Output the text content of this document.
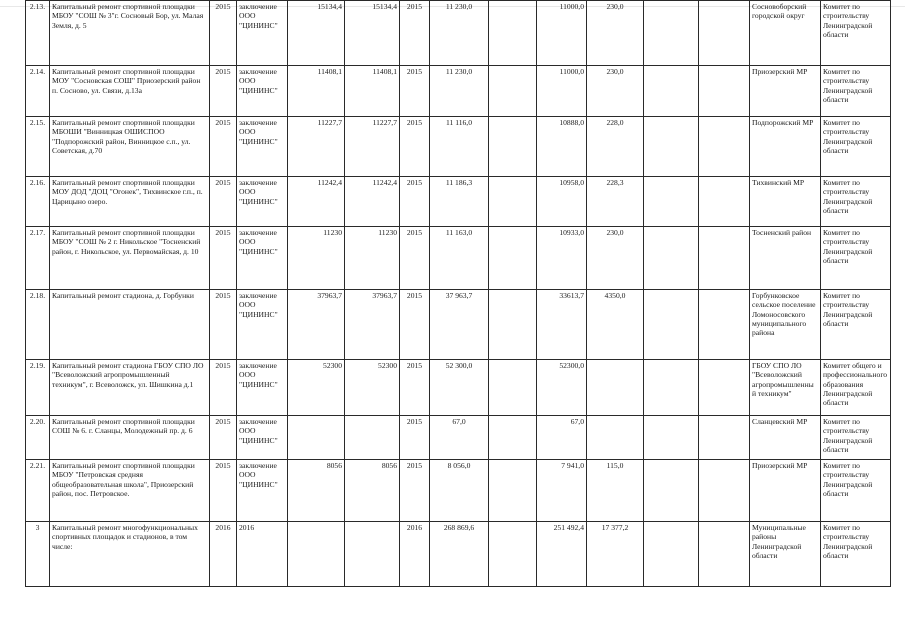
2.13.	Капитальный ремонт спортивной площадки МБОУ "СОШ № 3"г. Сосновый Бор, ул. Малая Земля, д. 5	2015	заключение
ООО
"ЦИНИНС"	15134,4	15134,4	2015	11 230,0		11000,0	230,0			Сосновоборский городской округ	Комитет по строительству Ленинградской области
2.14.	Капитальный ремонт спортивной площадки МОУ "Сосновская СОШ" Приозерский район п. Сосново, ул. Связи, д.13а	2015	заключение
ООО
"ЦИНИНС"	11408,1	11408,1	2015	11 230,0		11000,0	230,0			Приозерский МР	Комитет по строительству Ленинградской области
2.15.	Капитальный ремонт спортивной площадки МБОШИ "Винницкая ОШИСПОО "Подпорожский район, Винницкое с.п., ул. Советская, д.70	2015	заключение
ООО
"ЦИНИНС"	11227,7	11227,7	2015	11 116,0		10888,0	228,0			Подпорожский МР	Комитет по строительству Ленинградской области
2.16.	Капитальный ремонт спортивной площадки МОУ ДОД "ДОЦ "Огонек", Тихвинское г.п., п. Царицыно озеро.	2015	заключение
ООО
"ЦИНИНС"	11242,4	11242,4	2015	11 186,3		10958,0	228,3			Тихвинский МР	Комитет по строительству Ленинградской области
2.17.	Капитальный ремонт спортивной площадки МБОУ "СОШ № 2 г. Никольское "Тосненский район, г. Никольское, ул. Первомайская, д. 10	2015	заключение
ООО
"ЦИНИНС"	11230	11230	2015	11 163,0		10933,0	230,0			Тосненский район	Комитет по строительству Ленинградской области
2.18.	Капитальный ремонт стадиона, д. Горбунки	2015	заключение
ООО
"ЦИНИНС"	37963,7	37963,7	2015	37 963,7		33613,7	4350,0			Горбунковское сельское поселение Ломоносовского муниципального района	Комитет по строительству Ленинградской области
2.19.	Капитальный ремонт стадиона ГБОУ СПО ЛО "Всеволожский агропромышленный техникум", г. Всеволожск, ул. Шишкина д.1	2015	заключение
ООО
"ЦИНИНС"	52300	52300	2015	52 300,0		52300,0				ГБОУ СПО ЛО "Всеволожский агропромышленны й техникум"	Комитет общего и профессионального образования Ленинградской области
2.20.	Капитальный ремонт спортивной площадки СОШ № 6. г. Сланцы, Молодежный пр. д. 6	2015	заключение
ООО
"ЦИНИНС"			2015	67,0		67,0				Сланцевский МР	Комитет по строительству Ленинградской области
2.21.	Капитальный ремонт спортивной площадки МБОУ "Петровская средняя общеобразовательная школа", Приозерский район, пос. Петровское.	2015	заключение
ООО
"ЦИНИНС"	8056	8056	2015	8 056,0		7 941,0	115,0			Приозерский МР	Комитет по строительству Ленинградской области
3	Капитальный ремонт многофункциональных спортивных площадок и стадионов, в том числе:	2016	2016			2016	268 869,6		251 492,4	17 377,2			Муниципальные районы Ленинградской области	Комитет по строительству Ленинградской области
